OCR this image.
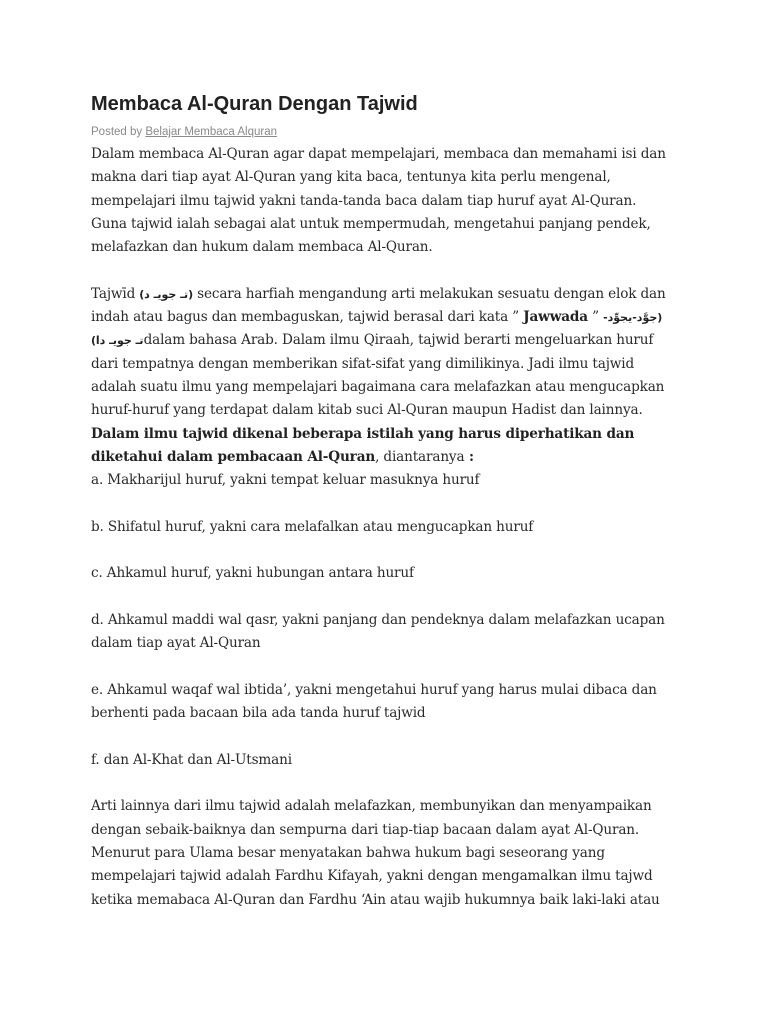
Membaca Al-Quran Dengan Tajwid
Posted by Belajar Membaca Alquran

Dalam membaca Al-Quran agar dapat mempelajari, membaca dan memahami isi dan makna dari tiap ayat Al-Quran yang kita baca, tentunya kita perlu mengenal, mempelajari ilmu tajwid yakni tanda-tanda baca dalam tiap huruf ayat Al-Quran. Guna tajwid ialah sebagai alat untuk mempermudah, mengetahui panjang pendek, melafazkan dan hukum dalam membaca Al-Quran.

Tajwīd (تـ جويـ د) secara harfiah mengandung arti melakukan sesuatu dengan elok dan indah atau bagus dan membaguskan, tajwid berasal dari kata ” Jawwada ” (جوَّد-يجوِّد- تـ جويـ دا)dalam bahasa Arab. Dalam ilmu Qiraah, tajwid berarti mengeluarkan huruf dari tempatnya dengan memberikan sifat-sifat yang dimilikinya. Jadi ilmu tajwid adalah suatu ilmu yang mempelajari bagaimana cara melafazkan atau mengucapkan huruf-huruf yang terdapat dalam kitab suci Al-Quran maupun Hadist dan lainnya.

Dalam ilmu tajwid dikenal beberapa istilah yang harus diperhatikan dan diketahui dalam pembacaan Al-Quran, diantaranya :

a. Makharijul huruf, yakni tempat keluar masuknya huruf

b. Shifatul huruf, yakni cara melafalkan atau mengucapkan huruf

c. Ahkamul huruf, yakni hubungan antara huruf

d. Ahkamul maddi wal qasr, yakni panjang dan pendeknya dalam melafazkan ucapan dalam tiap ayat Al-Quran

e. Ahkamul waqaf wal ibtida’, yakni mengetahui huruf yang harus mulai dibaca dan berhenti pada bacaan bila ada tanda huruf tajwid

f. dan Al-Khat dan Al-Utsmani

Arti lainnya dari ilmu tajwid adalah melafazkan, membunyikan dan menyampaikan dengan sebaik-baiknya dan sempurna dari tiap-tiap bacaan dalam ayat Al-Quran. Menurut para Ulama besar menyatakan bahwa hukum bagi seseorang yang mempelajari tajwid adalah Fardhu Kifayah, yakni dengan mengamalkan ilmu tajwd ketika memabaca Al-Quran dan Fardhu ‘Ain atau wajib hukumnya baik laki-laki atau
